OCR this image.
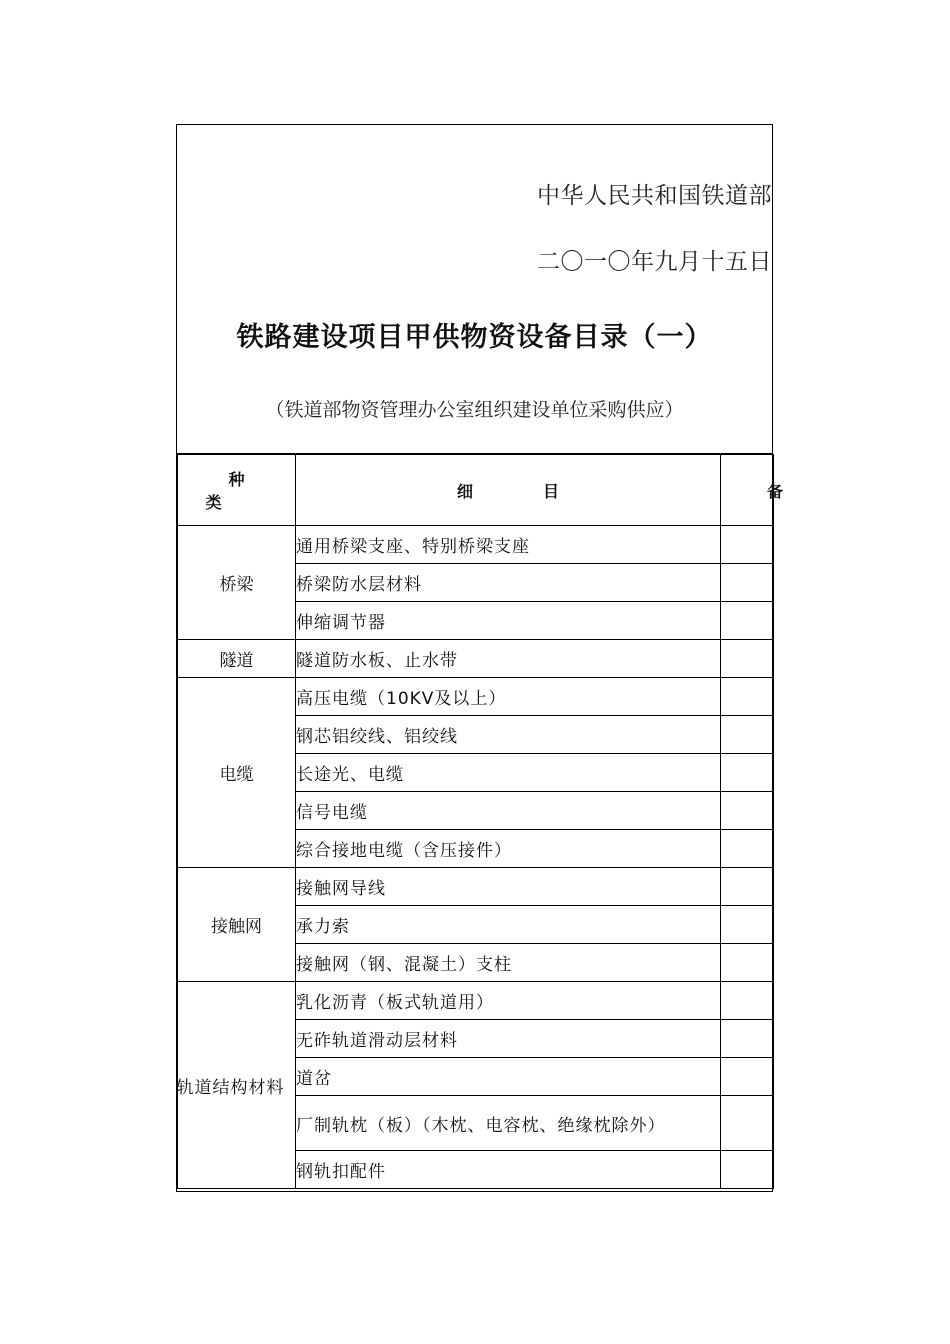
中华人民共和国铁道部
二〇一〇年九月十五日
铁路建设项目甲供物资设备目录（一）
（铁道部物资管理办公室组织建设单位采购供应）
种类	细目	备

桥梁	通用桥梁支座、特别桥梁支座	
	桥梁防水层材料	
	伸缩调节器	
隧道	隧道防水板、止水带	
电缆	高压电缆（10KV及以上）	
	钢芯铝绞线、铝绞线	
	长途光、电缆	
	信号电缆	
	综合接地电缆（含压接件）	
接触网	接触网导线	
	承力索	
	接触网（钢、混凝土）支柱	
轨道结构材料	乳化沥青（板式轨道用）	
	无砟轨道滑动层材料	
	道岔	
	厂制轨枕（板）（木枕、电容枕、绝缘枕除外）	
	钢轨扣配件	
